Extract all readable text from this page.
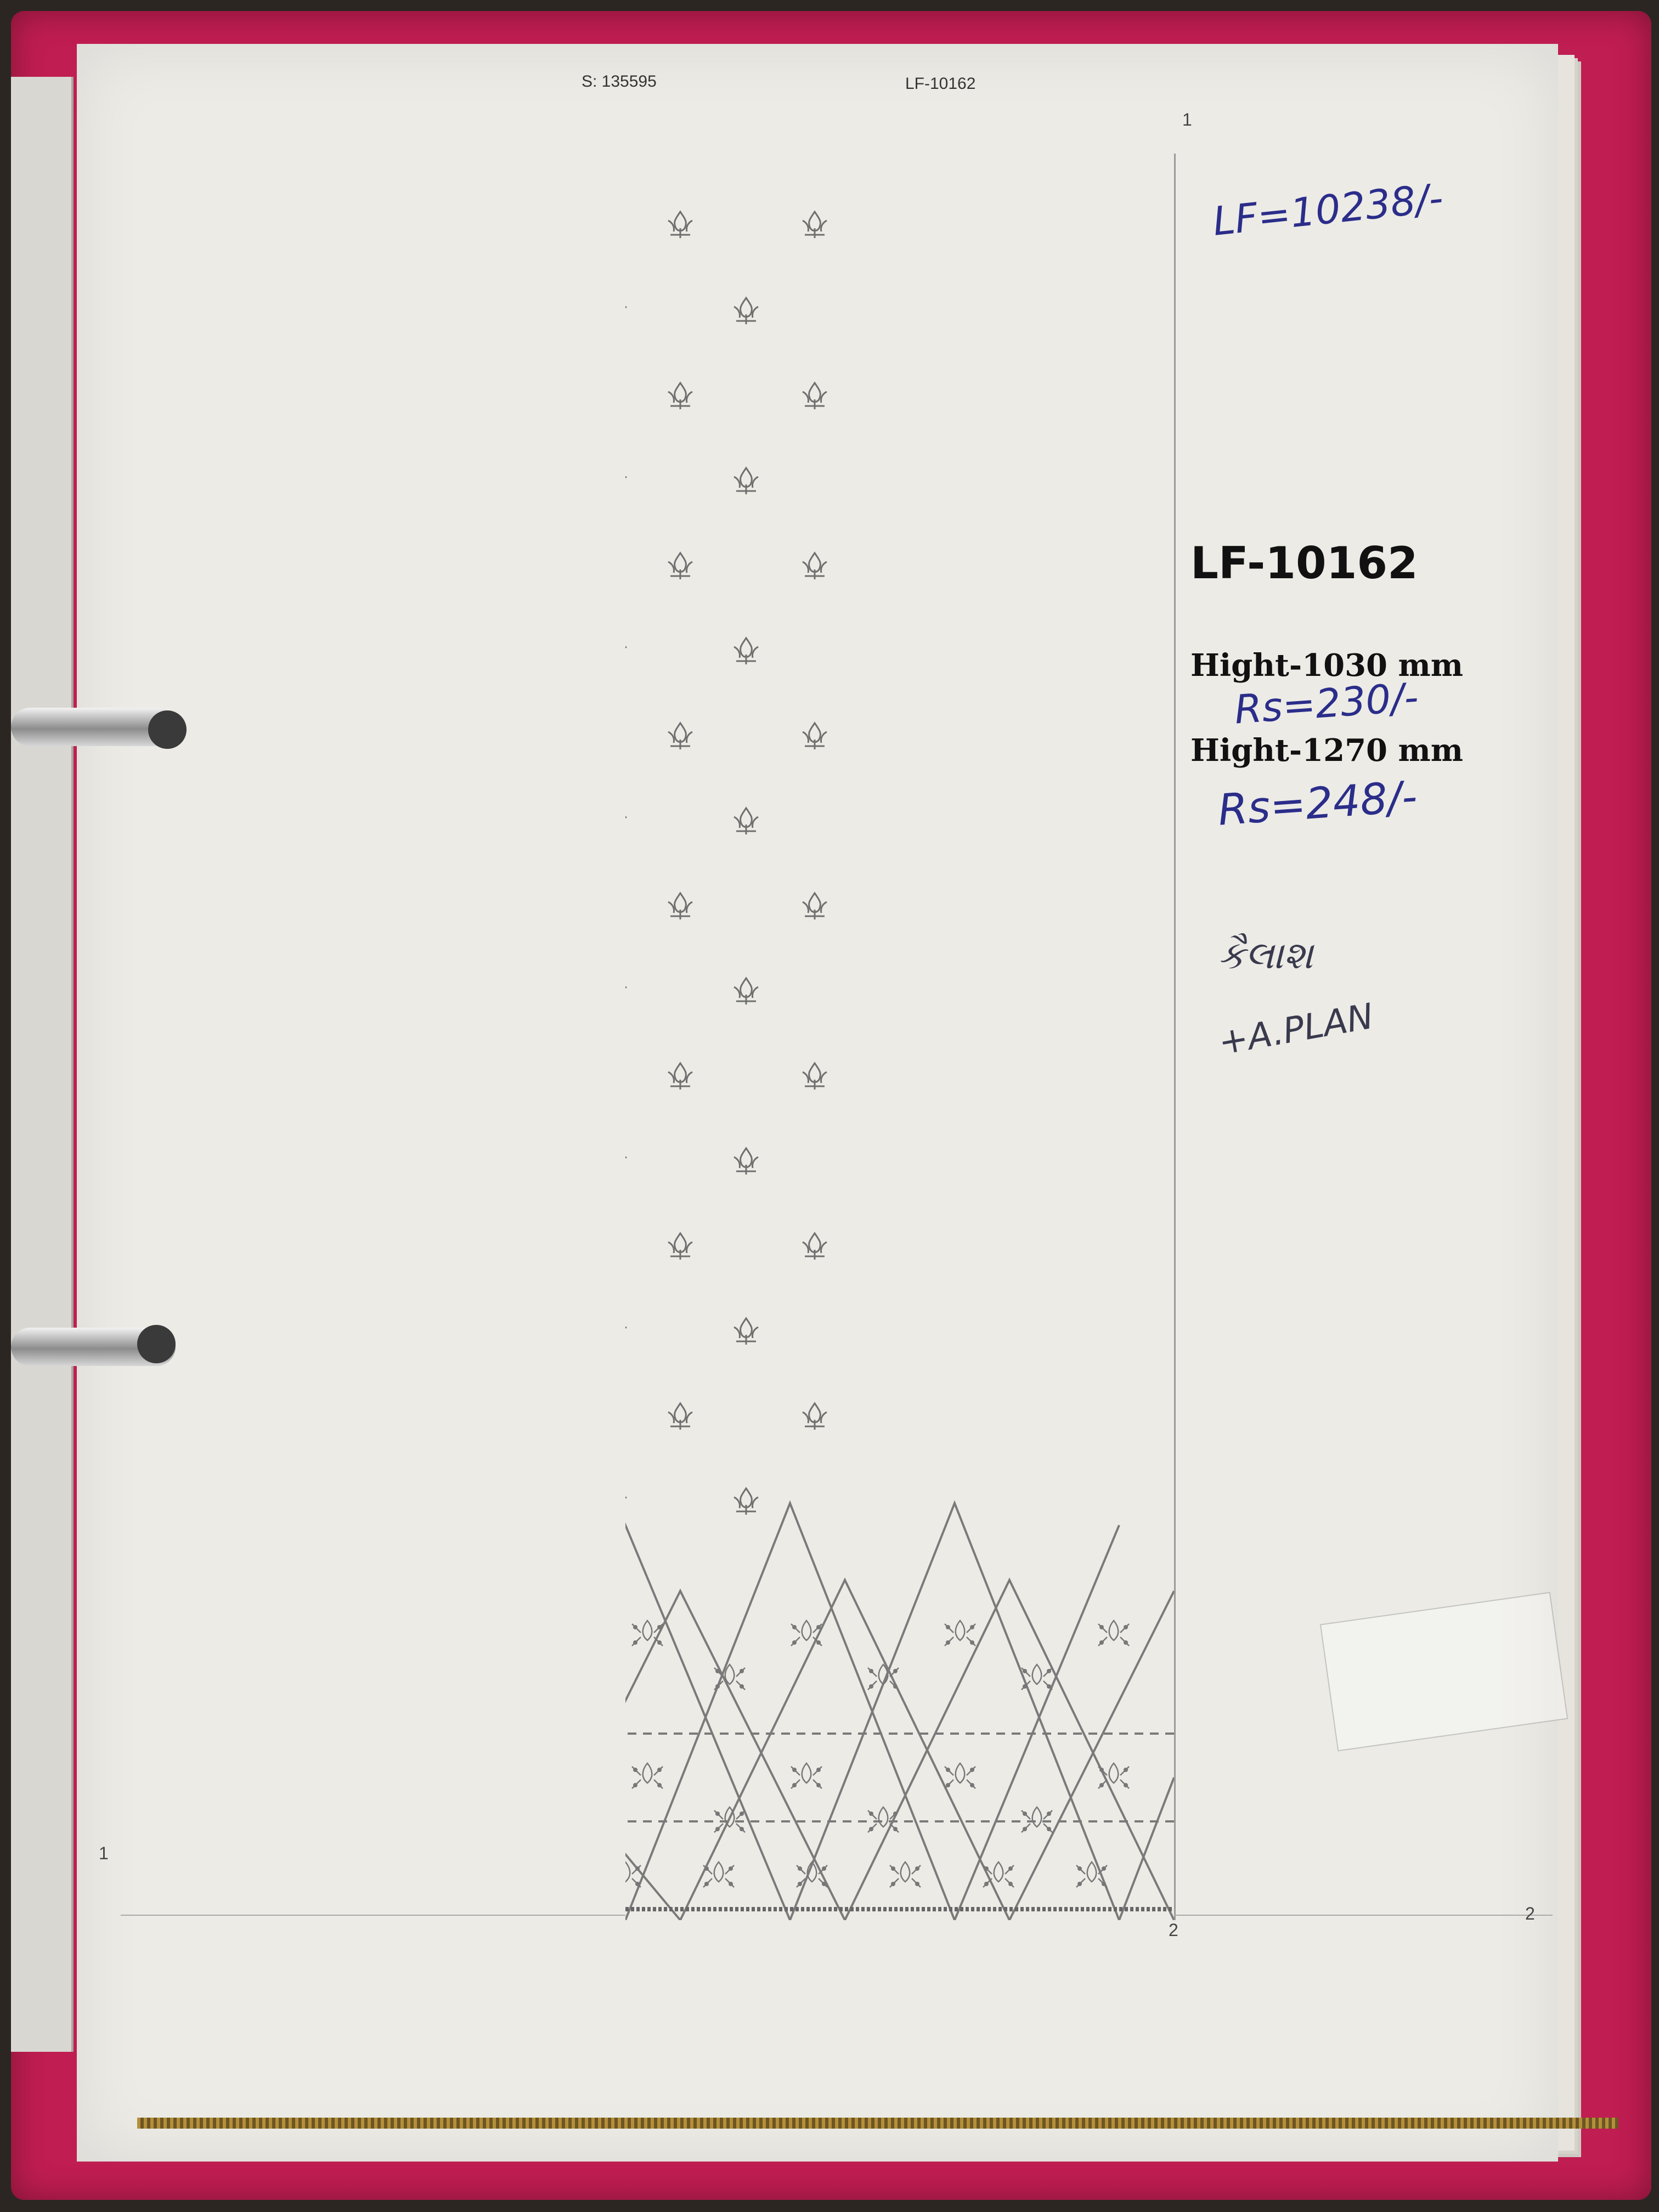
S: 135595	LF-10162
1
1
2
2
LF-10162
Hight-1030 mm
Hight-1270 mm
LF=10238/-
Rs=230/-
Rs=248/-
કૈલાશ
+A.PLAN
